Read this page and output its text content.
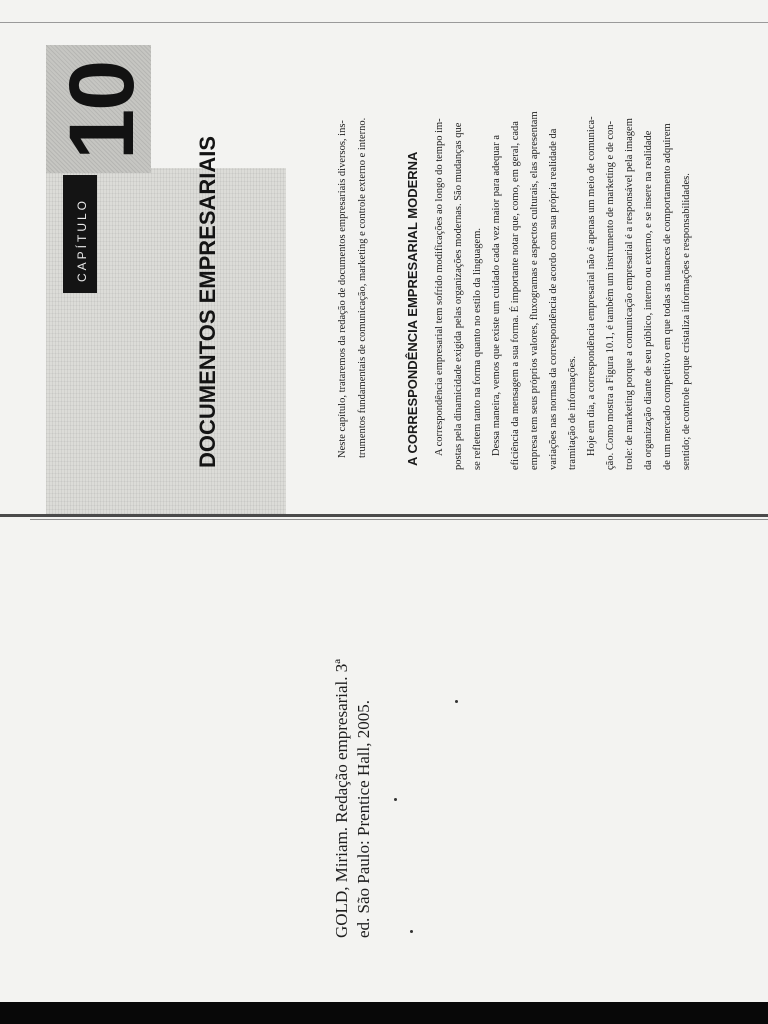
10
CAPÍTULO	DOCUMENTOS EMPRESARIAIS	Neste capítulo, trataremos da redação de documentos empresariais diversos, ins- trumentos fundamentais de comunicação, marketing e controle externo e interno.	A CORRESPONDÊNCIA EMPRESARIAL MODERNA A correspondência empresarial tem sofrido modificações ao longo do tempo im- postas pela dinamicidade exigida pelas organizações modernas. São mudanças que se refletem tanto na forma quanto no estilo da linguagem. Dessa maneira, vemos que existe um cuidado cada vez maior para adequar a eficiência da mensagem a sua forma. É importante notar que, como, em geral, cada empresa tem seus próprios valores, fluxogramas e aspectos culturais, elas apresentam variações nas normas da correspondência de acordo com sua própria realidade da tramitação de informações. Hoje em dia, a correspondência empresarial não é apenas um meio de comunica- ção. Como mostra a Figura 10.1, é também um instrumento de marketing e de con- trole: de marketing porque a comunicação empresarial é a responsável pela imagem da organização diante de seu público, interno ou externo, e se insere na realidade de um mercado competitivo em que todas as nuances de comportamento adquirem sentido; de controle porque cristaliza informações e responsabilidades.
GOLD, Miriam. Redação empresarial. 3ª ed. São Paulo: Prentice Hall, 2005.
